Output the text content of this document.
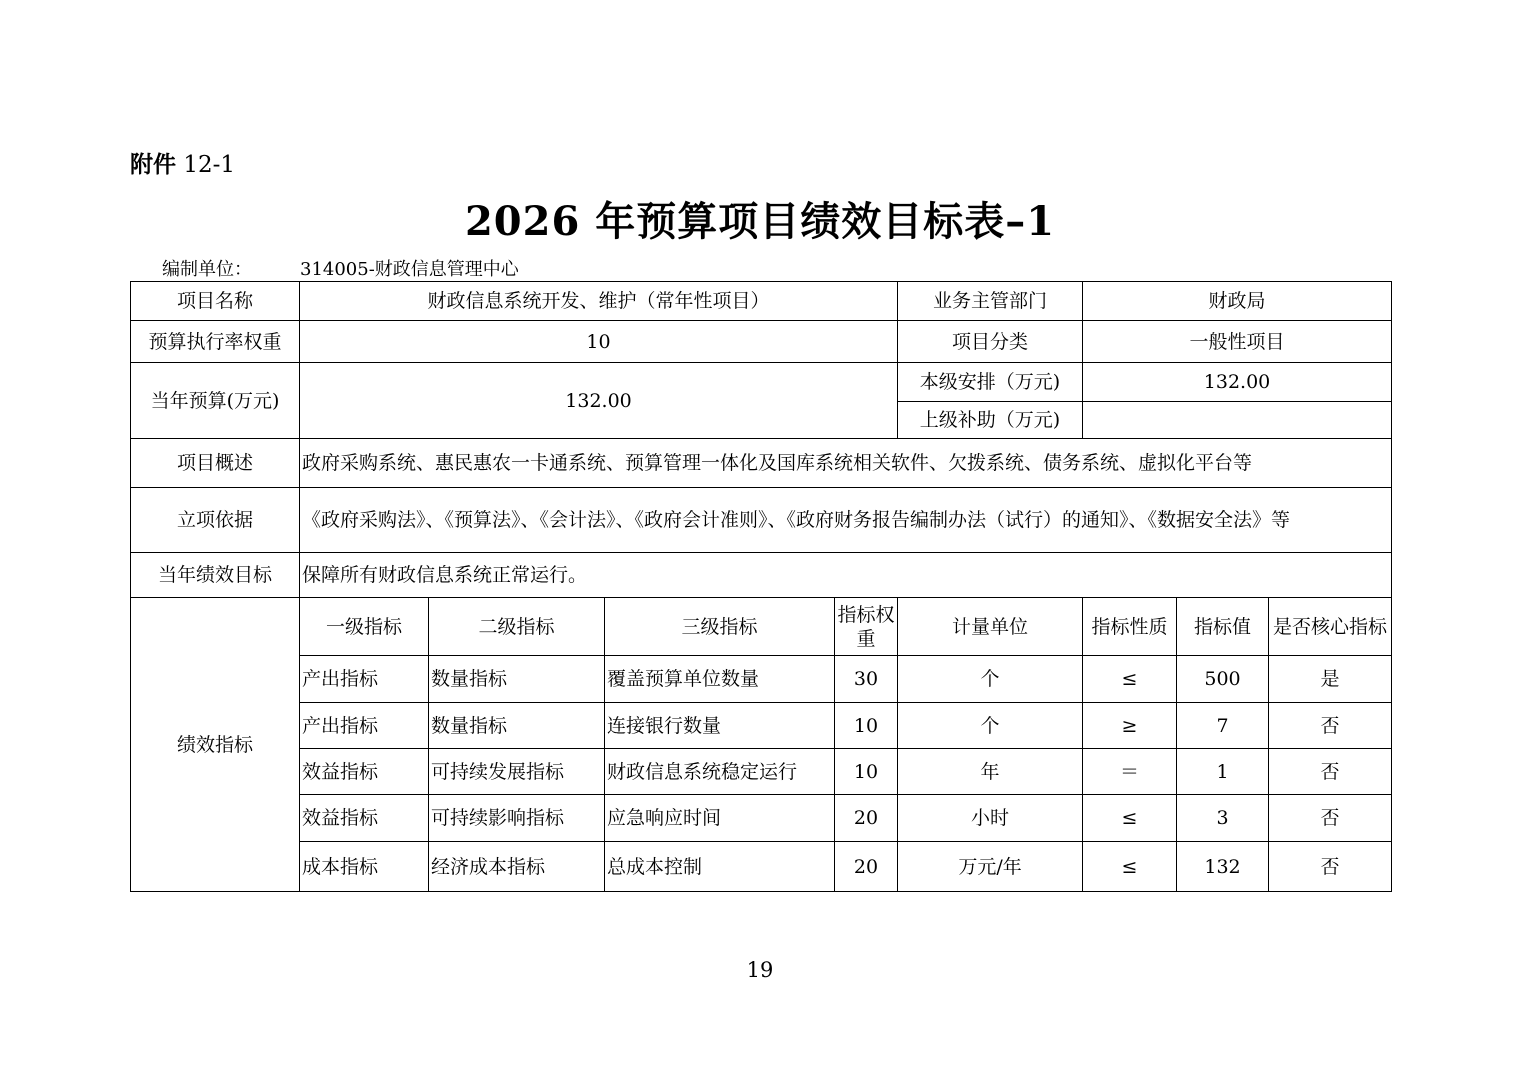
附件 12-1
2026 年预算项目绩效目标表–1
编制单位：	314005-财政信息管理中心
项目名称	财政信息系统开发、维护（常年性项目）				业务主管部门	财政局		
预算执行率权重	10				项目分类	一般性项目		
当年预算(万元)	132.00				本级安排（万元)	132.00		
					上级补助（万元)			
项目概述	政府采购系统、惠民惠农一卡通系统、预算管理一体化及国库系统相关软件、欠拨系统、债务系统、虚拟化平台等							
立项依据	《政府采购法》、《预算法》、《会计法》、《政府会计准则》、《政府财务报告编制办法（试行）的通知》、《数据安全法》等							
当年绩效目标	保障所有财政信息系统正常运行。							
绩效指标	一级指标	二级指标	三级指标	指标权重	计量单位	指标性质	指标值	是否核心指标
	产出指标	数量指标	覆盖预算单位数量	30	个	≤	500	是
	产出指标	数量指标	连接银行数量	10	个	≥	7	否
	效益指标	可持续发展指标	财政信息系统稳定运行	10	年	＝	1	否
	效益指标	可持续影响指标	应急响应时间	20	小时	≤	3	否
	成本指标	经济成本指标	总成本控制	20	万元/年	≤	132	否
19
